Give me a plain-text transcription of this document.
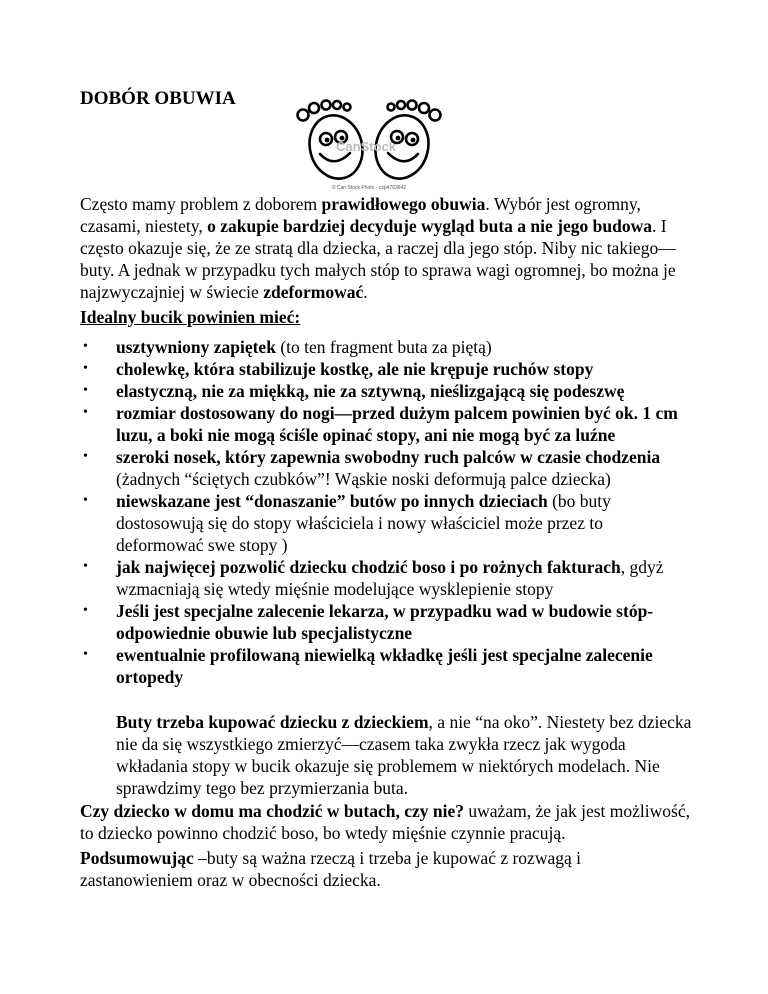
DOBÓR OBUWIA
CanStock
© Can Stock Photo - csp4763642
Często mamy problem z doborem prawidłowego obuwia. Wybór jest ogromny, czasami, niestety, o zakupie bardziej decyduje wygląd buta a nie jego budowa. I często okazuje się, że ze stratą dla dziecka, a raczej dla jego stóp. Niby nic takiego—buty. A jednak w przypadku tych małych stóp to sprawa wagi ogromnej, bo można je najzwyczajniej w świecie zdeformować.
Idealny bucik powinien mieć:
• usztywniony zapiętek (to ten fragment buta za piętą)
• cholewkę, która stabilizuje kostkę, ale nie krępuje ruchów stopy
• elastyczną, nie za miękką, nie za sztywną, nieślizgającą się podeszwę
• rozmiar dostosowany do nogi—przed dużym palcem powinien być ok. 1 cm luzu, a boki nie mogą ściśle opinać stopy, ani nie mogą być za luźne
• szeroki nosek, który zapewnia swobodny ruch palców w czasie chodzenia
(żadnych “ściętych czubków”! Wąskie noski deformują palce dziecka)
• niewskazane jest “donaszanie” butów po innych dzieciach (bo buty dostosowują się do stopy właściciela i nowy właściciel może przez to deformować swe stopy )
• jak najwięcej pozwolić dziecku chodzić boso i po rożnych fakturach, gdyż wzmacniają się wtedy mięśnie modelujące wysklepienie stopy
• Jeśli jest specjalne zalecenie lekarza, w przypadku wad w budowie stóp-odpowiednie obuwie lub specjalistyczne
• ewentualnie profilowaną niewielką wkładkę jeśli jest specjalne zalecenie ortopedy
Buty trzeba kupować dziecku z dzieckiem, a nie “na oko”. Niestety bez dziecka nie da się wszystkiego zmierzyć—czasem taka zwykła rzecz jak wygoda wkładania stopy w bucik okazuje się problemem w niektórych modelach. Nie sprawdzimy tego bez przymierzania buta.
Czy dziecko w domu ma chodzić w butach, czy nie? uważam, że jak jest możliwość, to dziecko powinno chodzić boso, bo wtedy mięśnie czynnie pracują.
Podsumowując –buty są ważna rzeczą i trzeba je kupować z rozwagą i zastanowieniem oraz w obecności dziecka.
